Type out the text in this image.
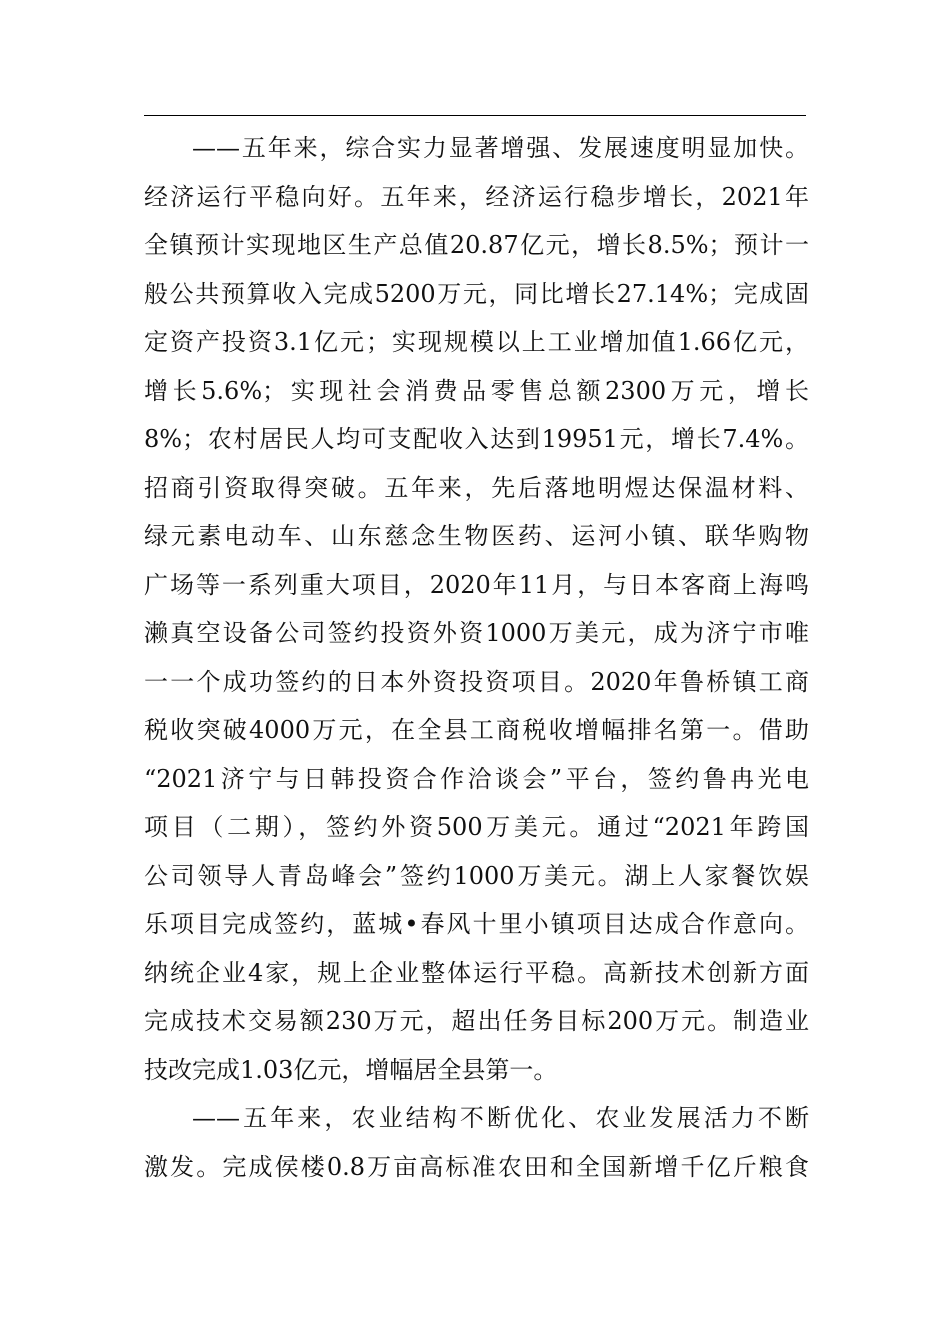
——五年来，综合实力显著增强、发展速度明显加快。
经济运行平稳向好。五年来，经济运行稳步增长，2021年
全镇预计实现地区生产总值20.87亿元，增长8.5%；预计一
般公共预算收入完成5200万元，同比增长27.14%；完成固
定资产投资3.1亿元；实现规模以上工业增加值1.66亿元，
增长5.6%；实现社会消费品零售总额2300万元，增长
8%；农村居民人均可支配收入达到19951元，增长7.4%。
招商引资取得突破。五年来，先后落地明煜达保温材料、
绿元素电动车、山东慈念生物医药、运河小镇、联华购物
广场等一系列重大项目，2020年11月，与日本客商上海鸣
濑真空设备公司签约投资外资1000万美元，成为济宁市唯
一一个成功签约的日本外资投资项目。2020年鲁桥镇工商
税收突破4000万元，在全县工商税收增幅排名第一。借助
“2021济宁与日韩投资合作洽谈会”平台，签约鲁冉光电
项目（二期），签约外资500万美元。通过“2021年跨国
公司领导人青岛峰会”签约1000万美元。湖上人家餐饮娱
乐项目完成签约，蓝城•春风十里小镇项目达成合作意向。
纳统企业4家，规上企业整体运行平稳。高新技术创新方面
完成技术交易额230万元，超出任务目标200万元。制造业
技改完成1.03亿元，增幅居全县第一。
——五年来，农业结构不断优化、农业发展活力不断
激发。完成侯楼0.8万亩高标准农田和全国新增千亿斤粮食
